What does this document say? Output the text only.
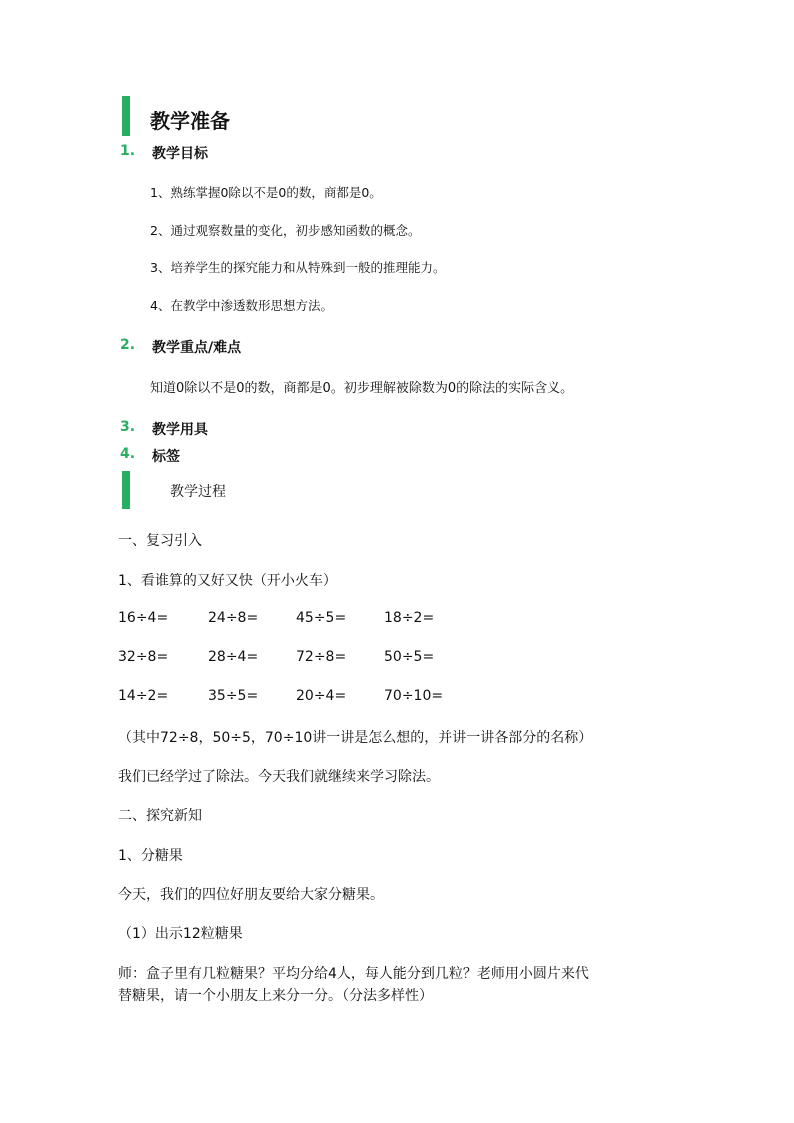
教学准备
1. 教学目标
1、熟练掌握0除以不是0的数，商都是0。
2、通过观察数量的变化，初步感知函数的概念。
3、培养学生的探究能力和从特殊到一般的推理能力。
4、在教学中渗透数形思想方法。
2. 教学重点/难点
知道0除以不是0的数，商都是0。初步理解被除数为0的除法的实际含义。
3. 教学用具
4. 标签
教学过程
一、复习引入
1、看谁算的又好又快（开小火车）
16÷4=	24÷8=	45÷5=	18÷2=
32÷8=	28÷4=	72÷8=	50÷5=
14÷2=	35÷5=	20÷4=	70÷10=
（其中72÷8，50÷5，70÷10讲一讲是怎么想的，并讲一讲各部分的名称）
我们已经学过了除法。今天我们就继续来学习除法。
二、探究新知
1、分糖果
今天，我们的四位好朋友要给大家分糖果。
（1）出示12粒糖果
师：盒子里有几粒糖果？平均分给4人，每人能分到几粒？老师用小圆片来代
替糖果，请一个小朋友上来分一分。（分法多样性）
